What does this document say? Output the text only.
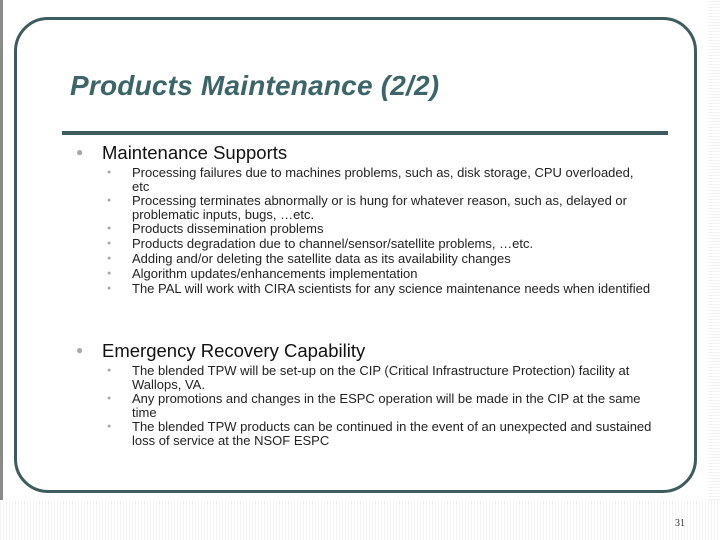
Products Maintenance (2/2)
●	Maintenance Supports
●	Processing failures due to machines problems, such as, disk storage, CPU overloaded, etc
●	Processing terminates abnormally or is hung for whatever reason, such as, delayed or problematic inputs, bugs, …etc.
●	Products dissemination problems
●	Products degradation due to channel/sensor/satellite problems, …etc.
●	Adding and/or deleting the satellite data as its availability changes
●	Algorithm updates/enhancements implementation
●	The PAL will work with CIRA scientists for any science maintenance needs when identified
●	Emergency Recovery Capability
●	The blended TPW will be set-up on the CIP (Critical Infrastructure Protection) facility at Wallops, VA.
●	Any promotions and changes in the ESPC operation will be made in the CIP at the same time
●	The blended TPW products can be continued in the event of an unexpected and sustained loss of service at the NSOF ESPC
31
